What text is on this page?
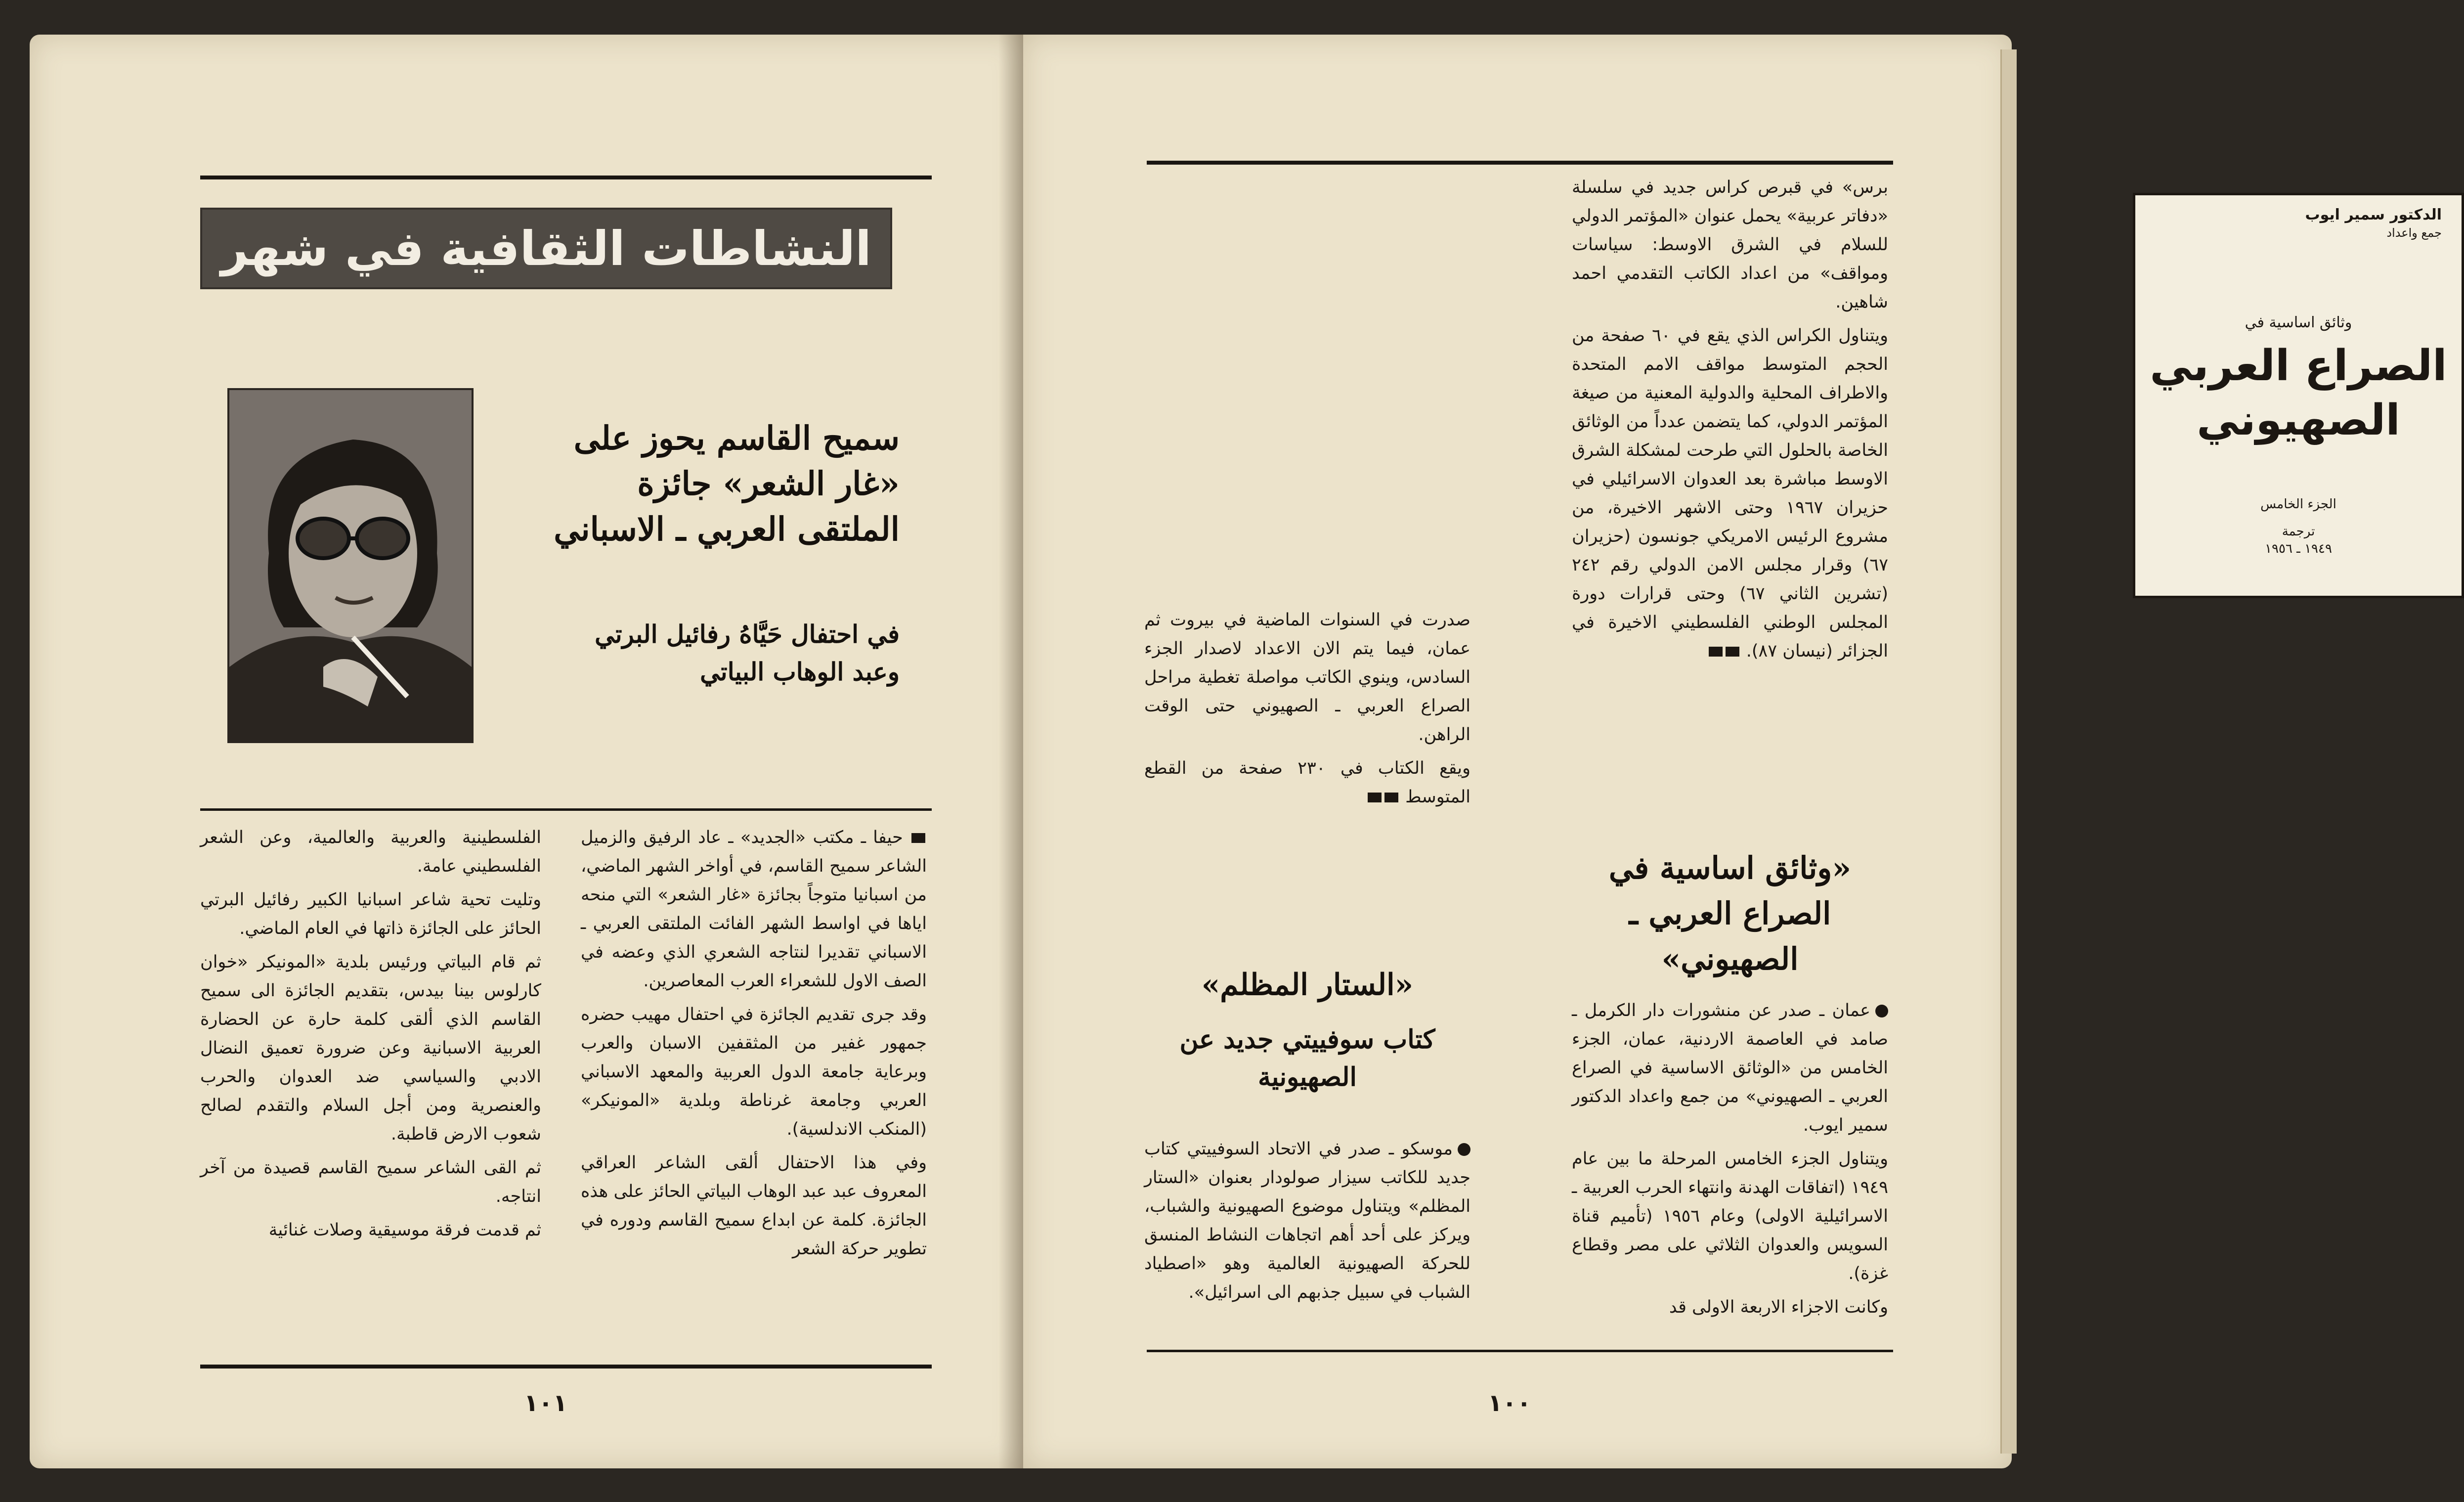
النشاطات الثقافية في شهر
سميح القاسم يحوز على «غار الشعر» جائزة الملتقى العربي ـ الاسباني
في احتفال حَيَّاهُ رفائيل البرتي وعبد الوهاب البياتي

حيفا ـ مكتب «الجديد» ـ عاد الرفيق والزميل الشاعر سميح القاسم، في أواخر الشهر الماضي، من اسبانيا متوجاً بجائزة «غار الشعر» التي منحه اياها في اواسط الشهر الفائت الملتقى العربي ـ الاسباني تقديرا لنتاجه الشعري الذي وعضه في الصف الاول للشعراء العرب المعاصرين.

وقد جرى تقديم الجائزة في احتفال مهيب حضره جمهور غفير من المثقفين الاسبان والعرب وبرعاية جامعة الدول العربية والمعهد الاسباني العربي وجامعة غرناطة وبلدية «المونيكر» (المنكب الاندلسية).

وفي هذا الاحتفال ألقى الشاعر العراقي المعروف عبد عبد الوهاب البياتي الحائز على هذه الجائزة. كلمة عن ابداع سميح القاسم ودوره في تطوير حركة الشعر

الفلسطينية والعربية والعالمية، وعن الشعر الفلسطيني عامة.

وتليت تحية شاعر اسبانيا الكبير رفائيل البرتي الحائز على الجائزة ذاتها في العام الماضي.

ثم قام البياتي ورئيس بلدية «المونيكر «خوان كارلوس بينا بيدس، بتقديم الجائزة الى سميح القاسم الذي ألقى كلمة حارة عن الحضارة العربية الاسبانية وعن ضرورة تعميق النضال الادبي والسياسي ضد العدوان والحرب والعنصرية ومن أجل السلام والتقدم لصالح شعوب الارض قاطبة.

ثم القى الشاعر سميح القاسم قصيدة من آخر انتاجه.

ثم قدمت فرقة موسيقية وصلات غنائية

١٠١

برس» في قبرص كراس جديد في سلسلة «دفاتر عربية» يحمل عنوان «المؤتمر الدولي للسلام في الشرق الاوسط: سياسات ومواقف» من اعداد الكاتب التقدمي احمد شاهين.

ويتناول الكراس الذي يقع في ٦٠ صفحة من الحجم المتوسط مواقف الامم المتحدة والاطراف المحلية والدولية المعنية من صيغة المؤتمر الدولي، كما يتضمن عدداً من الوثائق الخاصة بالحلول التي طرحت لمشكلة الشرق الاوسط مباشرة بعد العدوان الاسرائيلي في حزيران ١٩٦٧ وحتى الاشهر الاخيرة، من مشروع الرئيس الامريكي جونسون (حزيران ٦٧) وقرار مجلس الامن الدولي رقم ٢٤٢ (تشرين الثاني ٦٧) وحتى قرارات دورة المجلس الوطني الفلسطيني الاخيرة في الجزائر (نيسان ٨٧).

«وثائق اساسية في الصراع العربي ـ الصهيوني»

عمان ـ صدر عن منشورات دار الكرمل ـ صامد في العاصمة الاردنية، عمان، الجزء الخامس من «الوثائق الاساسية في الصراع العربي ـ الصهيوني» من جمع واعداد الدكتور سمير ايوب.

ويتناول الجزء الخامس المرحلة ما بين عام ١٩٤٩ (اتفاقات الهدنة وانتهاء الحرب العربية ـ الاسرائيلية الاولى) وعام ١٩٥٦ (تأميم قناة السويس والعدوان الثلاثي على مصر وقطاع غزة).

وكانت الاجزاء الاربعة الاولى قد

الدكتور سمير ايوب
جمع واعداد
وثائق اساسية في
الصراع العربي الصهيوني
الجزء الخامس
ترجمة
١٩٤٩ ـ ١٩٥٦

صدرت في السنوات الماضية في بيروت ثم عمان، فيما يتم الان الاعداد لاصدار الجزء السادس، وينوي الكاتب مواصلة تغطية مراحل الصراع العربي ـ الصهيوني حتى الوقت الراهن.

ويقع الكتاب في ٢٣٠ صفحة من القطع المتوسط

«الستار المظلم»
كتاب سوفييتي جديد عن الصهيونية

موسكو ـ صدر في الاتحاد السوفييتي كتاب جديد للكاتب سيزار صولودار بعنوان «الستار المظلم» ويتناول موضوع الصهيونية والشباب، ويركز على أحد أهم اتجاهات النشاط المنسق للحركة الصهيونية العالمية وهو «اصطياد الشباب في سبيل جذبهم الى اسرائيل».

١٠٠
